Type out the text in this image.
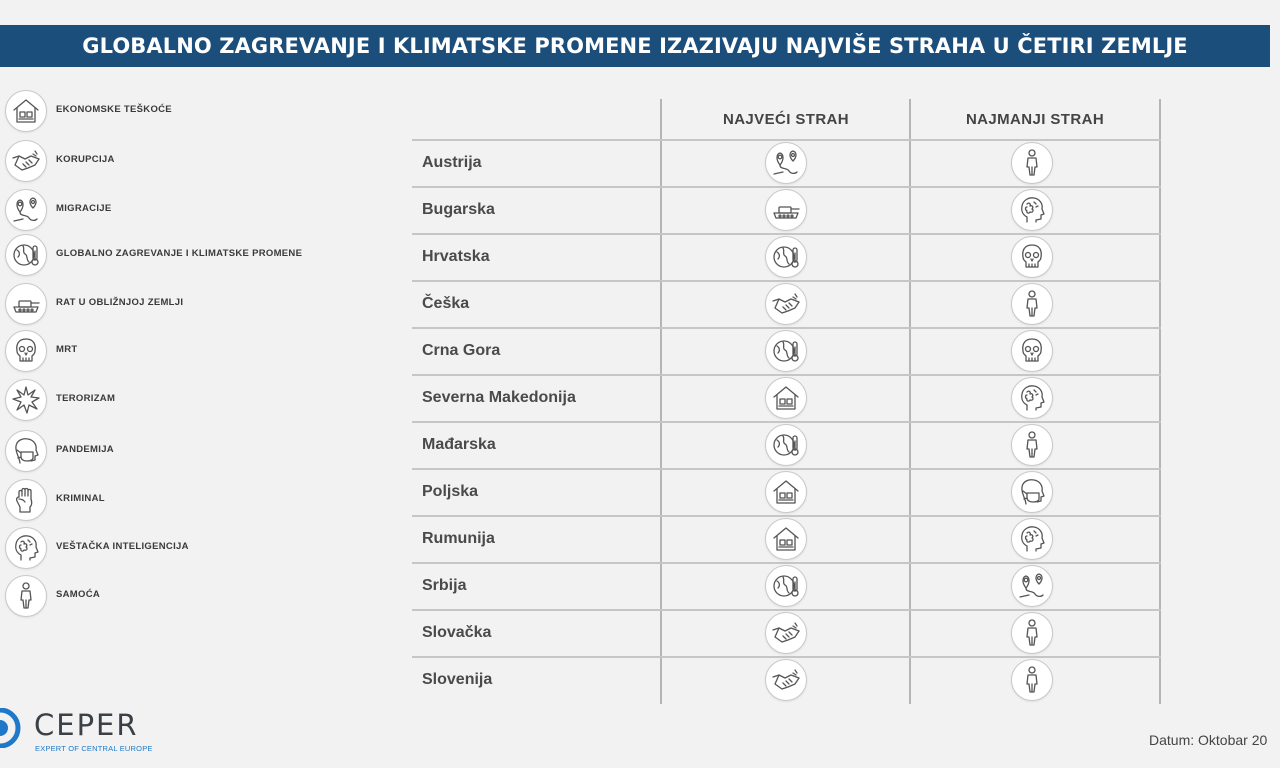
GLOBALNO ZAGREVANJE I KLIMATSKE PROMENE IZAZIVAJU NAJVIŠE STRAHA U ČETIRI ZEMLJE
EKONOMSKE TEŠKOĆE
KORUPCIJA
MIGRACIJE
GLOBALNO ZAGREVANJE I KLIMATSKE PROMENE
RAT U OBLIŽNJOJ ZEMLJI
MRT
TERORIZAM
PANDEMIJA
KRIMINAL
VEŠTAČKA INTELIGENCIJA
SAMOĆA
NAJVEĆI STRAH	NAJMANJI STRAH
Austrija
Bugarska
Hrvatska
Češka
Crna Gora
Severna Makedonija
Mađarska
Poljska
Rumunija
Srbija
Slovačka
Slovenija
CEPER
EXPERT OF CENTRAL EUROPE
Datum: Oktobar 20
